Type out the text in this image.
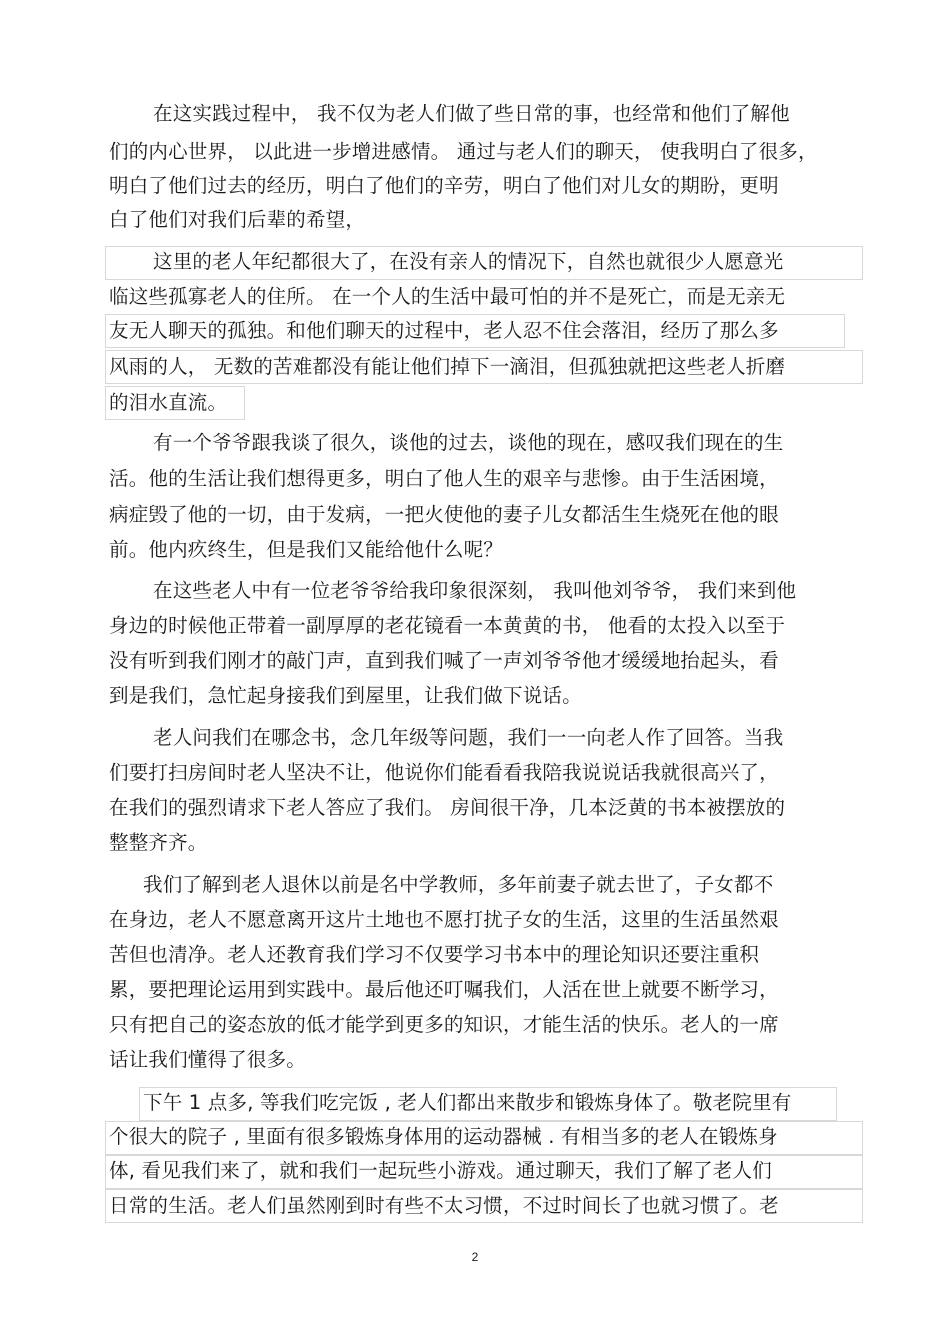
在这实践过程中， 我不仅为老人们做了些日常的事，也经常和他们了解他
们的内心世界， 以此进一步增进感情。 通过与老人们的聊天， 使我明白了很多，
明白了他们过去的经历，明白了他们的辛劳，明白了他们对儿女的期盼，更明
白了他们对我们后辈的希望，
这里的老人年纪都很大了，在没有亲人的情况下，自然也就很少人愿意光
临这些孤寡老人的住所。 在一个人的生活中最可怕的并不是死亡，而是无亲无
友无人聊天的孤独。和他们聊天的过程中，老人忍不住会落泪，经历了那么多
风雨的人， 无数的苦难都没有能让他们掉下一滴泪，但孤独就把这些老人折磨
的泪水直流。
有一个爷爷跟我谈了很久，谈他的过去，谈他的现在，感叹我们现在的生
活。他的生活让我们想得更多，明白了他人生的艰辛与悲惨。由于生活困境，
病症毁了他的一切，由于发病，一把火使他的妻子儿女都活生生烧死在他的眼
前。他内疚终生，但是我们又能给他什么呢？
在这些老人中有一位老爷爷给我印象很深刻， 我叫他刘爷爷， 我们来到他
身边的时候他正带着一副厚厚的老花镜看一本黄黄的书， 他看的太投入以至于
没有听到我们刚才的敲门声，直到我们喊了一声刘爷爷他才缓缓地抬起头，看
到是我们，急忙起身接我们到屋里，让我们做下说话。
老人问我们在哪念书，念几年级等问题，我们一一向老人作了回答。当我
们要打扫房间时老人坚决不让，他说你们能看看我陪我说说话我就很高兴了，
在我们的强烈请求下老人答应了我们。 房间很干净，几本泛黄的书本被摆放的
整整齐齐。
我们了解到老人退休以前是名中学教师，多年前妻子就去世了，子女都不
在身边，老人不愿意离开这片土地也不愿打扰子女的生活，这里的生活虽然艰
苦但也清净。老人还教育我们学习不仅要学习书本中的理论知识还要注重积
累，要把理论运用到实践中。最后他还叮嘱我们，人活在世上就要不断学习，
只有把自己的姿态放的低才能学到更多的知识，才能生活的快乐。老人的一席
话让我们懂得了很多。
下午 1 点多, 等我们吃完饭 , 老人们都出来散步和锻炼身体了。敬老院里有
个很大的院子 , 里面有很多锻炼身体用的运动器械 . 有相当多的老人在锻炼身
体, 看见我们来了，就和我们一起玩些小游戏。通过聊天，我们了解了老人们
日常的生活。老人们虽然刚到时有些不太习惯，不过时间长了也就习惯了。老
2
